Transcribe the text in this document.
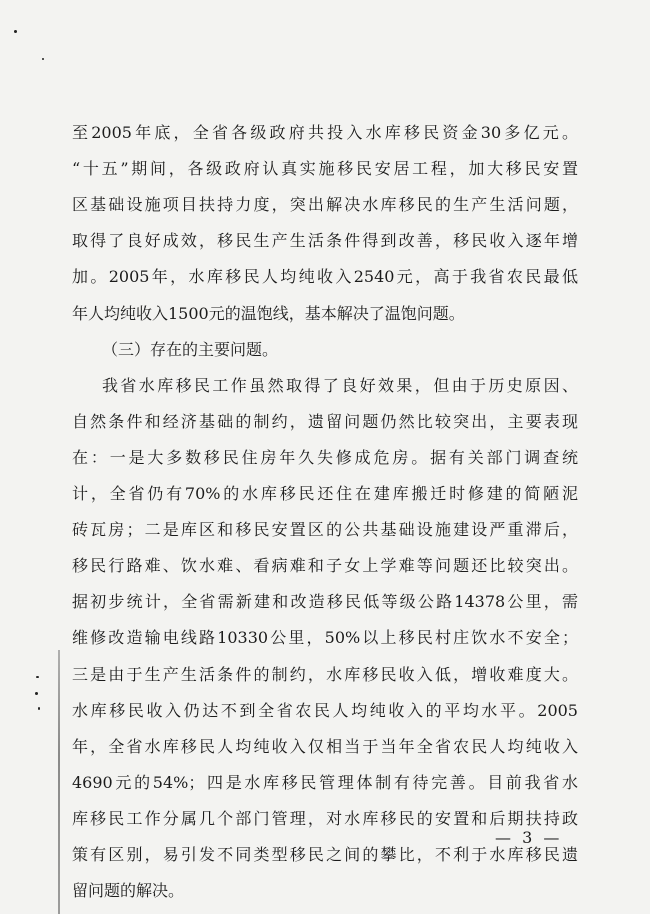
至2005年底，全省各级政府共投入水库移民资金30多亿元。
“十五”期间，各级政府认真实施移民安居工程，加大移民安置
区基础设施项目扶持力度，突出解决水库移民的生产生活问题，
取得了良好成效，移民生产生活条件得到改善，移民收入逐年增
加。2005年，水库移民人均纯收入2540元，高于我省农民最低
年人均纯收入1500元的温饱线，基本解决了温饱问题。
（三）存在的主要问题。
我省水库移民工作虽然取得了良好效果，但由于历史原因、
自然条件和经济基础的制约，遗留问题仍然比较突出，主要表现
在：一是大多数移民住房年久失修成危房。据有关部门调查统
计，全省仍有70%的水库移民还住在建库搬迁时修建的简陋泥
砖瓦房；二是库区和移民安置区的公共基础设施建设严重滞后，
移民行路难、饮水难、看病难和子女上学难等问题还比较突出。
据初步统计，全省需新建和改造移民低等级公路14378公里，需
维修改造输电线路10330公里，50%以上移民村庄饮水不安全；
三是由于生产生活条件的制约，水库移民收入低，增收难度大。
水库移民收入仍达不到全省农民人均纯收入的平均水平。2005
年，全省水库移民人均纯收入仅相当于当年全省农民人均纯收入
4690元的54%；四是水库移民管理体制有待完善。目前我省水
库移民工作分属几个部门管理，对水库移民的安置和后期扶持政
策有区别，易引发不同类型移民之间的攀比，不利于水库移民遗
留问题的解决。
— 3 —
